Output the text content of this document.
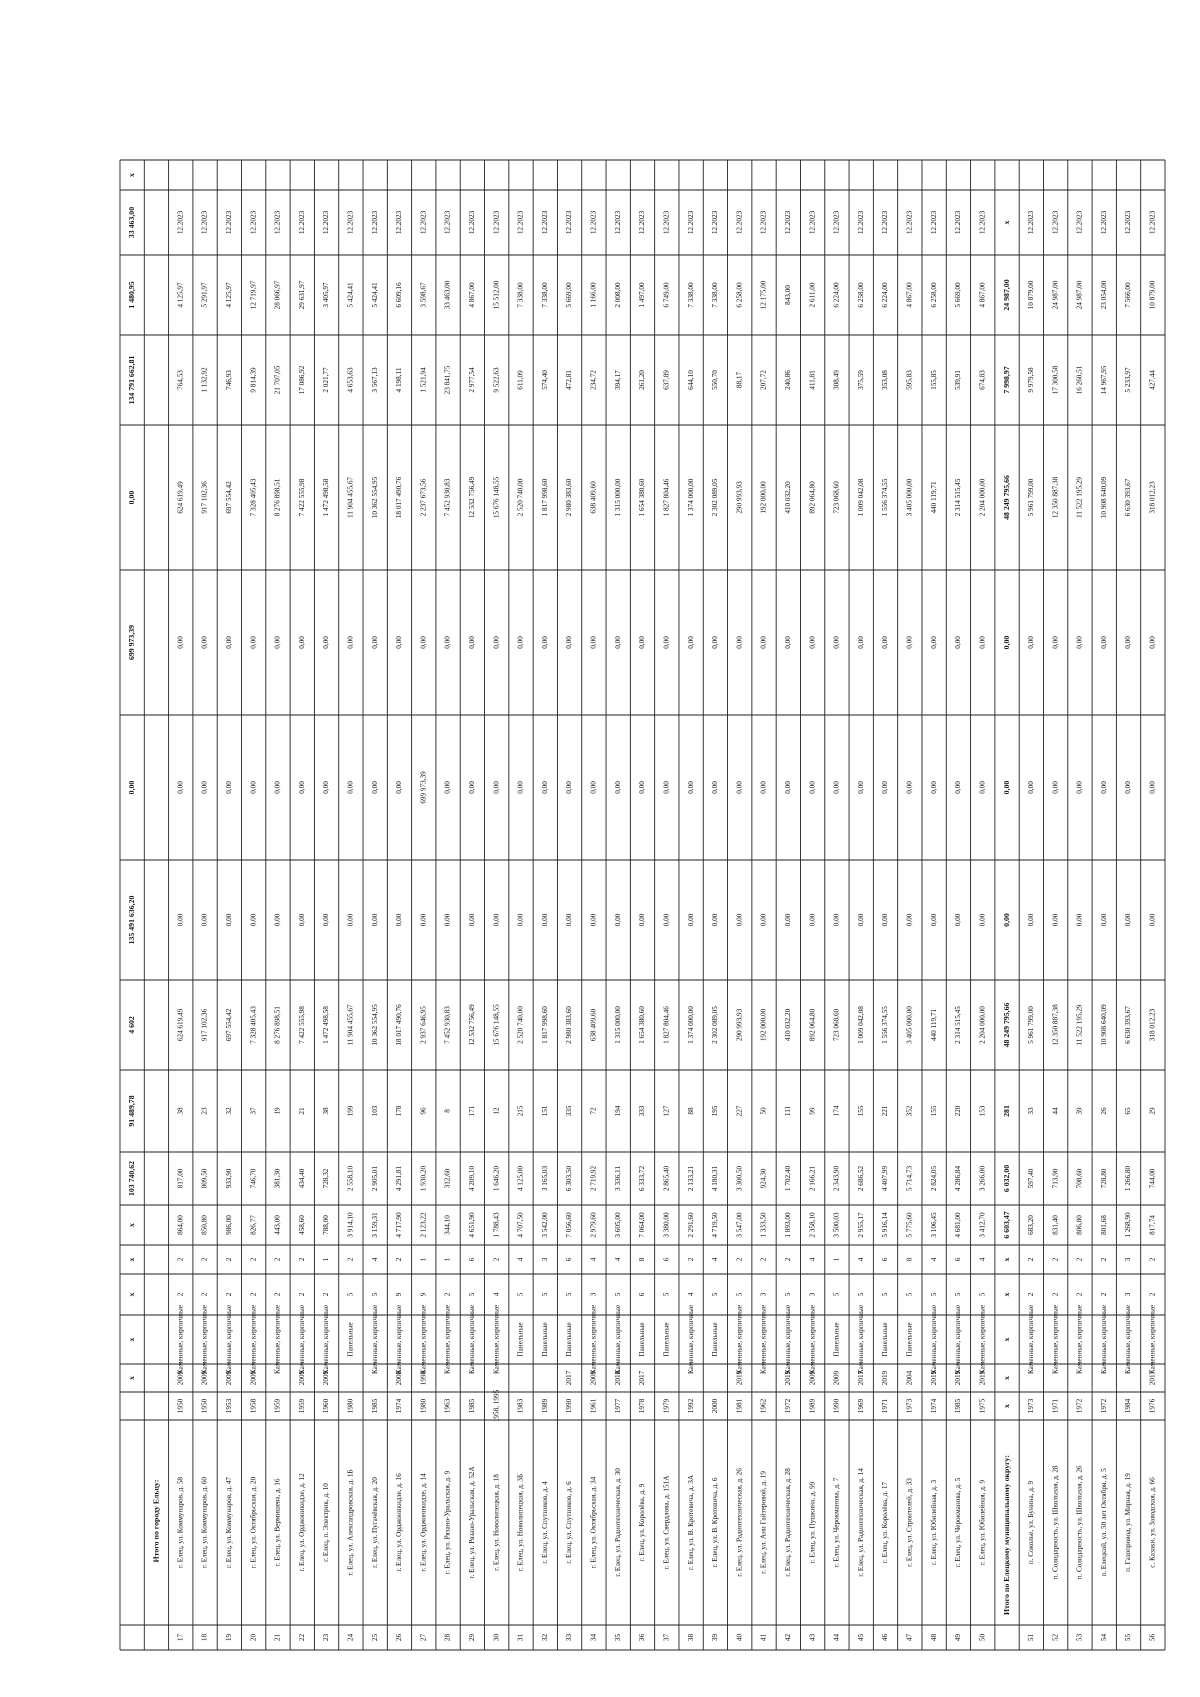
x
x
x
x
x
103 740,62
91 489,78
4 602
135 491 636,20
0,00
699 973,39
0,00
134 791 662,81
1 480,95
33 463,00
x
Итого по городу Ельцу:
17
г. Елец, ул. Коммунаров, д. 58
1950
2009
Каменные, кирпичные
2
2
864,00
817,00
38
624 619,49
0,00
0,00
0,00
624 619,49
764,53
4 125,97
12.2023
18
г. Елец, ул. Коммунаров, д. 60
1950
2009
Каменные, кирпичные
2
2
850,80
809,50
23
917 102,36
0,00
0,00
0,00
917 102,36
1 132,92
5 291,97
12.2023
19
г. Елец, ул. Коммунаров, д. 47
1953
2009
Каменные, кирпичные
2
2
986,00
933,90
32
697 554,42
0,00
0,00
0,00
697 554,42
746,93
4 125,97
12.2023
20
г. Елец, ул. Октябрьская, д. 20
1958
2009
Каменные, кирпичные
2
2
826,77
746,70
37
7 328 405,43
0,00
0,00
0,00
7 328 405,43
9 814,39
12 719,97
12.2023
21
г. Елец, ул. Вермишева, д. 16
1959
Каменные, кирпичные
2
2
443,00
381,30
19
8 276 898,51
0,00
0,00
0,00
8 276 898,51
21 707,05
28 066,97
12.2023
22
г. Елец, ул. Орджоникидзе, д. 12
1959
2009
Каменные, кирпичные
2
2
458,60
434,40
21
7 422 555,98
0,00
0,00
0,00
7 422 555,98
17 086,92
29 631,97
12.2023
23
г. Елец, п. Электрик, д. 10
1960
2009
Каменные, кирпичные
2
1
788,00
728,32
38
1 472 498,58
0,00
0,00
0,00
1 472 498,58
2 021,77
3 405,97
12.2023
24
г. Елец, ул. Александровская, д. 1Б
1980
Панельные
5
2
3 914,10
2 558,10
199
11 904 455,67
0,00
0,00
0,00
11 904 455,67
4 653,63
5 424,41
12.2023
25
г. Елец, ул. Пугачёвская, д. 20
1985
Каменные, кирпичные
5
4
3 159,31
2 905,01
103
10 362 554,95
0,00
0,00
0,00
10 362 554,95
3 567,13
5 424,41
12.2023
26
г. Елец, ул. Орджоникидзе, д. 16
1974
2008
Каменные, кирпичные
9
2
4 717,90
4 291,81
178
18 017 490,76
0,00
0,00
0,00
18 017 490,76
4 198,11
6 609,16
12.2023
27
г. Елец, ул. Орджоникидзе, д. 14
1980
1998
Каменные, кирпичные
9
1
2 123,22
1 930,20
96
2 937 646,95
0,00
699 973,39
0,00
2 237 673,56
1 521,94
3 598,67
12.2023
28
г. Елец, ул. Рязано-Уральская, д. 9
1963
Каменные, кирпичные
2
1
344,10
312,60
8
7 452 930,83
0,00
0,00
0,00
7 452 930,83
23 841,75
33 463,00
12.2023
29
г. Елец, ул. Рязано-Уральская, д. 52А
1985
Каменные, кирпичные
5
6
4 651,90
4 209,10
171
12 532 756,49
0,00
0,00
0,00
12 532 756,49
2 977,54
4 867,00
12.2023
30
г. Елец, ул. Новолипецкая, д. 18
1958, 1995
Каменные, кирпичные
4
2
1 788,43
1 646,20
12
15 676 148,55
0,00
0,00
0,00
15 676 148,55
9 522,63
15 512,00
12.2023
31
г. Елец, ул. Новолипецкая, д. 3Б
1983
Панельные
5
4
4 707,50
4 125,00
215
2 520 740,00
0,00
0,00
0,00
2 520 740,00
611,09
7 338,00
12.2023
32
г. Елец, ул. Спутников, д. 4
1989
Панельные
5
3
3 542,00
3 165,03
151
1 817 998,60
0,00
0,00
0,00
1 817 998,60
574,40
7 338,00
12.2023
33
г. Елец, ул. Спутников, д. 6
1990
2017
Панельные
5
6
7 056,60
6 303,50
335
2 980 383,60
0,00
0,00
0,00
2 980 383,60
472,81
5 669,00
12.2023
34
г. Елец, ул. Октябрьская, д. 34
1961
2009
Каменные, кирпичные
3
4
2 979,60
2 719,92
72
638 409,60
0,00
0,00
0,00
638 409,60
234,72
1 166,00
12.2023
35
г. Елец, ул. Радиотехническая, д. 30
1977
2018
Каменные, кирпичные
5
4
3 605,00
3 336,11
194
1 315 000,00
0,00
0,00
0,00
1 315 000,00
394,17
2 008,00
12.2023
36
г. Елец, ул. Королёва, д. 9
1978
2017
Панельные
6
8
7 064,00
6 333,72
333
1 654 380,60
0,00
0,00
0,00
1 654 380,60
261,20
1 497,00
12.2023
37
г. Елец, ул. Свердлова, д. 151А
1979
Панельные
5
6
3 380,00
2 865,40
127
1 827 804,46
0,00
0,00
0,00
1 827 804,46
637,89
6 749,00
12.2023
38
г. Елец, ул. В. Кротевича, д. 3А
1992
Каменные, кирпичные
4
2
2 291,60
2 133,21
88
1 374 000,00
0,00
0,00
0,00
1 374 000,00
644,10
7 338,00
12.2023
39
г. Елец, ул. В. Кротевича, д. 6
2000
Панельные
5
4
4 719,50
4 180,31
195
2 302 089,05
0,00
0,00
0,00
2 302 089,05
550,70
7 338,00
12.2023
40
г. Елец, ул. Радиотехническая, д. 26
1981
2019
Каменные, кирпичные
5
2
3 547,00
3 300,50
227
290 993,93
0,00
0,00
0,00
290 993,93
88,17
6 258,00
12.2023
41
г. Елец, ул. Ани Гайтеровой, д. 19
1962
Каменные, кирпичные
3
2
1 333,50
924,30
50
192 000,00
0,00
0,00
0,00
192 000,00
207,72
12 175,00
12.2023
42
г. Елец, ул. Радиотехническая, д. 28
1972
2019
Каменные, кирпичные
5
2
1 893,00
1 702,40
111
410 032,20
0,00
0,00
0,00
410 032,20
240,86
843,00
12.2023
43
г. Елец, ул. Пушкина, д. 99
1989
2009
Каменные, кирпичные
3
4
2 358,10
2 166,21
99
892 064,80
0,00
0,00
0,00
892 064,80
411,81
2 611,00
12.2023
44
г. Елец, ул. Черокманова, д. 7
1990
2009
Панельные
5
1
3 500,03
2 343,90
174
723 068,60
0,00
0,00
0,00
723 068,60
308,49
6 224,00
12.2023
45
г. Елец, ул. Радиотехническая, д. 14
1969
2017
Каменные, кирпичные
5
4
2 955,17
2 686,52
155
1 009 042,08
0,00
0,00
0,00
1 009 042,08
375,59
6 258,00
12.2023
46
г. Елец, ул. Королёва, д. 17
1971
2019
Панельные
5
6
5 916,14
4 407,99
221
1 556 374,55
0,00
0,00
0,00
1 556 374,55
353,08
6 224,00
12.2023
47
г. Елец, ул. Строителей, д. 33
1973
2004
Панельные
5
8
5 775,60
5 714,73
352
3 405 000,00
0,00
0,00
0,00
3 405 000,00
595,83
4 867,00
12.2023
48
г. Елец, ул. Юбилейная, д. 3
1974
2019
Каменные, кирпичные
5
4
3 106,45
2 824,05
155
440 119,71
0,00
0,00
0,00
440 119,71
155,85
6 258,00
12.2023
49
г. Елец, ул. Черокманова, д. 5
1985
2019
Каменные, кирпичные
5
6
4 681,00
4 286,84
220
2 314 515,45
0,00
0,00
0,00
2 314 515,45
539,91
5 669,00
12.2023
50
г. Елец, ул. Юбилейная, д. 9
1975
2019
Каменные, кирпичные
5
4
3 412,70
3 266,00
153
2 204 000,00
0,00
0,00
0,00
2 204 000,00
674,83
4 867,00
12.2023
Итого по Елецкому муниципальному округу:
x
x
x
x
x
6 603,47
6 032,00
281
48 249 795,66
0,00
0,00
0,00
48 249 795,66
7 998,97
24 987,00
x
51
п. Соколье, ул. Бунина, д. 9
1973
Каменные, кирпичные
2
2
683,20
597,40
33
5 961 799,00
0,00
0,00
0,00
5 961 799,00
9 979,58
10 879,00
12.2023
52
п. Солидарность, ул. Школьная, д. 28
1971
Каменные, кирпичные
2
2
831,40
713,90
44
12 350 887,38
0,00
0,00
0,00
12 350 887,38
17 300,58
24 987,00
12.2023
53
п. Солидарность, ул. Школьная, д. 26
1972
Каменные, кирпичные
2
2
806,80
708,60
39
11 522 195,29
0,00
0,00
0,00
11 522 195,29
16 260,51
24 987,00
12.2023
54
п. Елецкий, ул. 50 лет Октября, д. 5
1972
Каменные, кирпичные
2
2
801,68
728,80
26
10 908 640,09
0,00
0,00
0,00
10 908 640,09
14 967,95
23 054,00
12.2023
55
п. Газопровод, ул. Мирная, д. 19
1984
Каменные, кирпичные
3
3
1 268,90
1 266,80
65
6 630 393,67
0,00
0,00
0,00
6 630 393,67
5 233,97
7 566,00
12.2023
56
с. Казаки, ул. Заводская, д. 66
1976
2017
Каменные, кирпичные
2
2
817,74
744,00
29
318 012,23
0,00
0,00
0,00
318 012,23
427,44
10 879,00
12.2023
